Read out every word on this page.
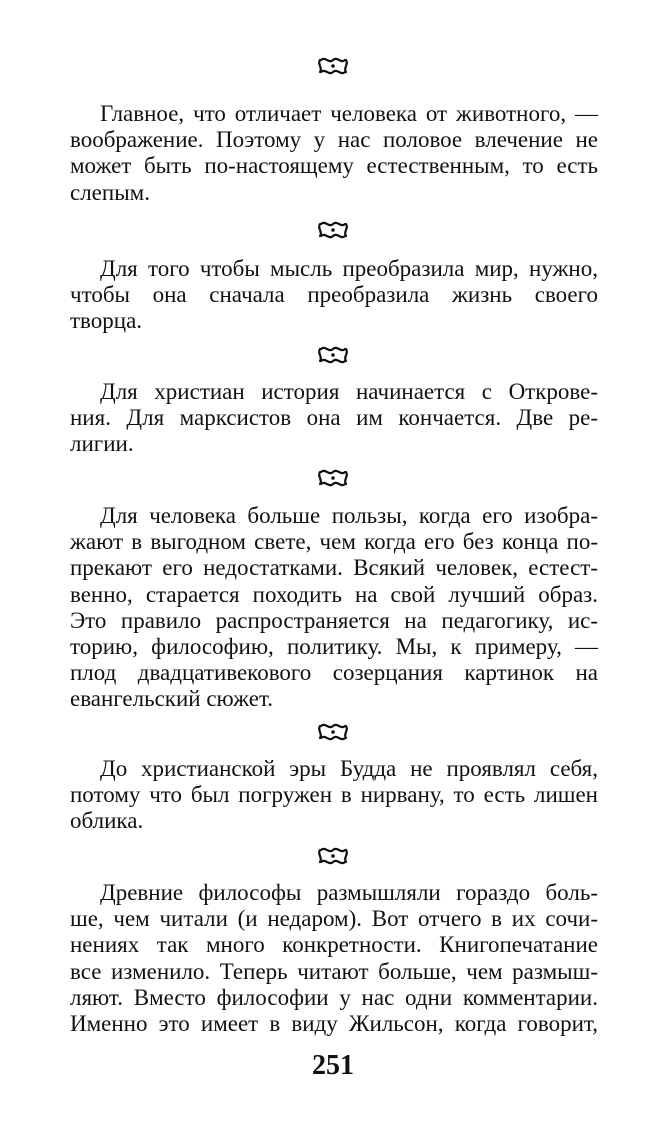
Главное, что отличает человека от животного, —
воображение. Поэтому у нас половое влечение не
может быть по-настоящему естественным, то есть
слепым.
Для того чтобы мысль преобразила мир, нужно,
чтобы она сначала преобразила жизнь своего
творца.
Для христиан история начинается с Открове-
ния. Для марксистов она им кончается. Две ре-
лигии.
Для человека больше пользы, когда его изобра-
жают в выгодном свете, чем когда его без конца по-
прекают его недостатками. Всякий человек, естест-
венно, старается походить на свой лучший образ.
Это правило распространяется на педагогику, ис-
торию, философию, политику. Мы, к примеру, —
плод двадцативекового созерцания картинок на
евангельский сюжет.
До христианской эры Будда не проявлял себя,
потому что был погружен в нирвану, то есть лишен
облика.
Древние философы размышляли гораздо боль-
ше, чем читали (и недаром). Вот отчего в их сочи-
нениях так много конкретности. Книгопечатание
все изменило. Теперь читают больше, чем размыш-
ляют. Вместо философии у нас одни комментарии.
Именно это имеет в виду Жильсон, когда говорит,
251
